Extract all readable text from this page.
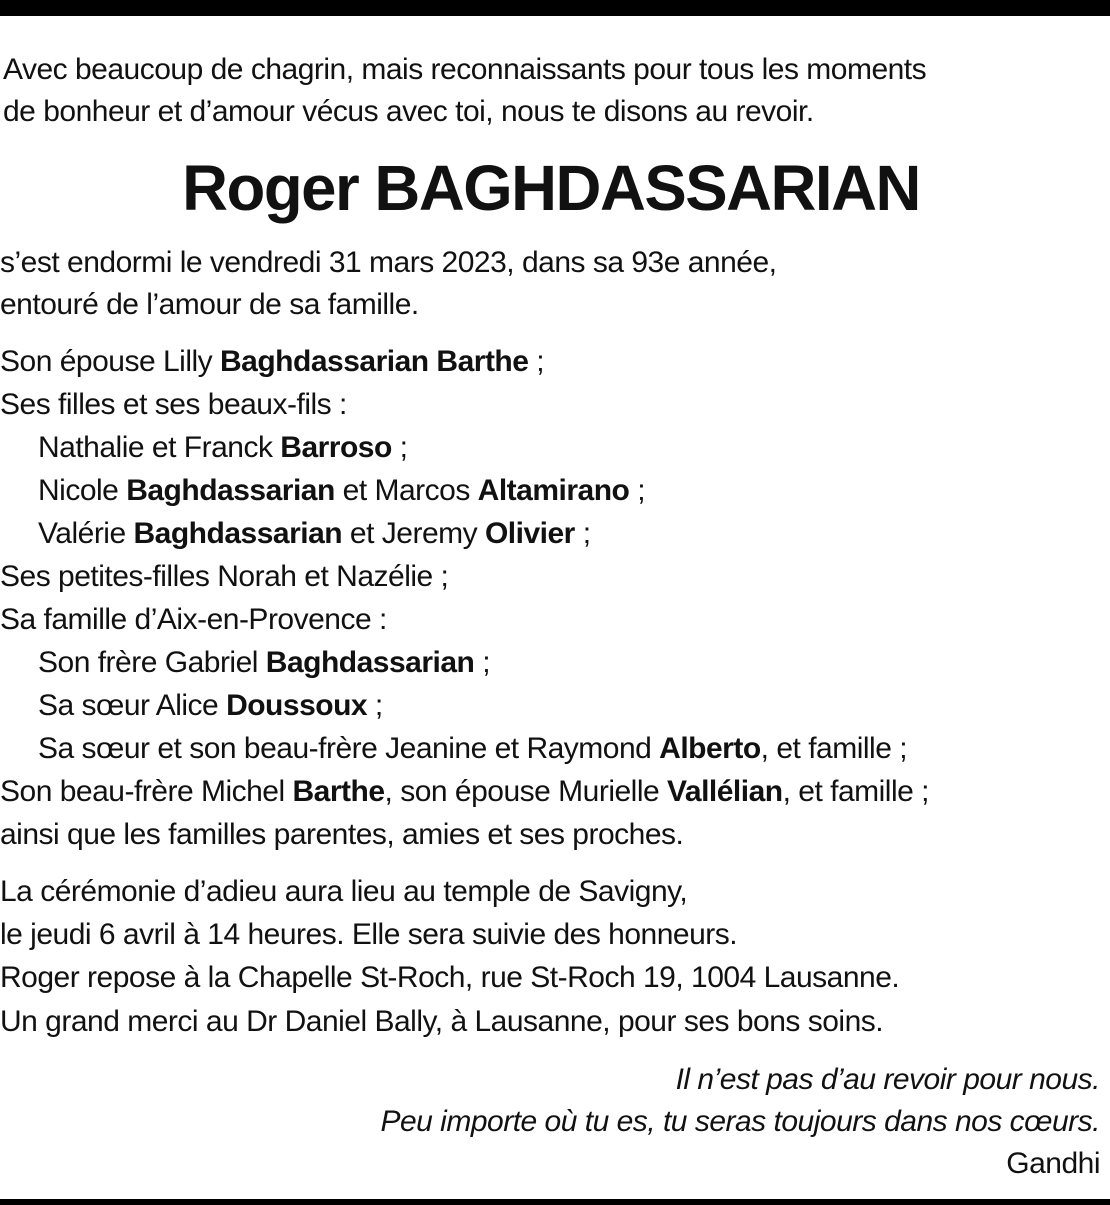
Avec beaucoup de chagrin, mais reconnaissants pour tous les moments
de bonheur et d’amour vécus avec toi, nous te disons au revoir.
Roger BAGHDASSARIAN
s’est endormi le vendredi 31 mars 2023, dans sa 93e année,
entouré de l’amour de sa famille.
Son épouse Lilly Baghdassarian Barthe ;
Ses filles et ses beaux-fils :
Nathalie et Franck Barroso ;
Nicole Baghdassarian et Marcos Altamirano ;
Valérie Baghdassarian et Jeremy Olivier ;
Ses petites-filles Norah et Nazélie ;
Sa famille d’Aix-en-Provence :
Son frère Gabriel Baghdassarian ;
Sa sœur Alice Doussoux ;
Sa sœur et son beau-frère Jeanine et Raymond Alberto, et famille ;
Son beau-frère Michel Barthe, son épouse Murielle Vallélian, et famille ;
ainsi que les familles parentes, amies et ses proches.
La cérémonie d’adieu aura lieu au temple de Savigny,
le jeudi 6 avril à 14 heures. Elle sera suivie des honneurs.
Roger repose à la Chapelle St-Roch, rue St-Roch 19, 1004 Lausanne.
Un grand merci au Dr Daniel Bally, à Lausanne, pour ses bons soins.
Il n’est pas d’au revoir pour nous.
Peu importe où tu es, tu seras toujours dans nos cœurs.
Gandhi
